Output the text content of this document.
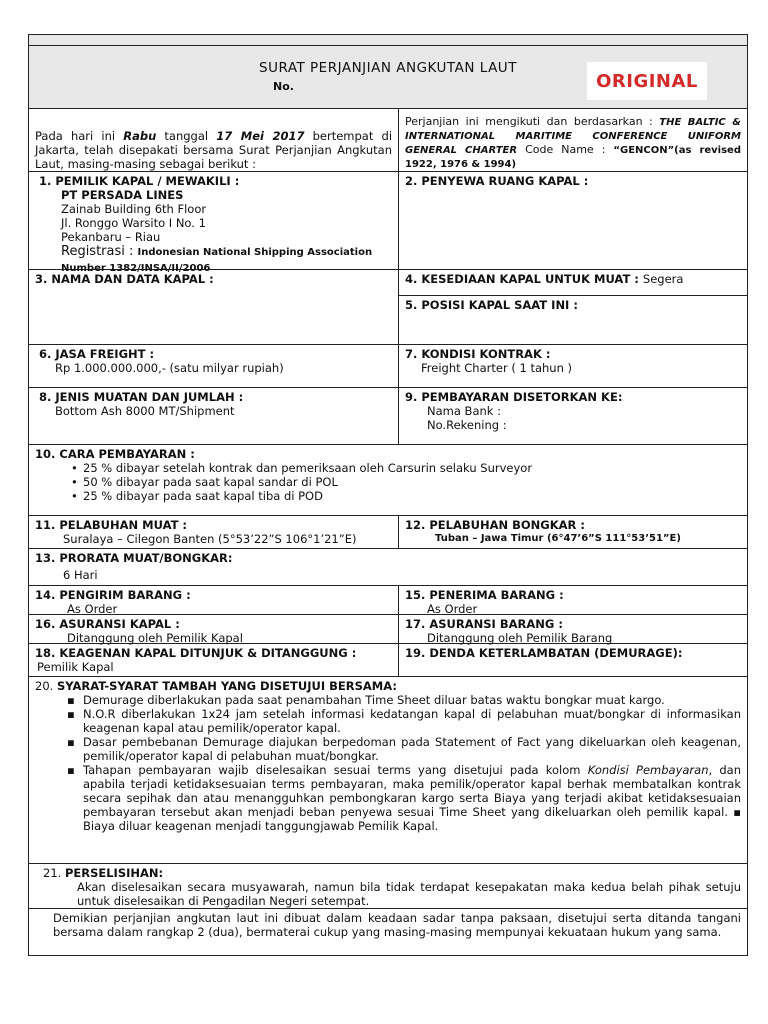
SURAT PERJANJIAN ANGKUTAN LAUT
No.	ORIGINAL
Pada hari ini Rabu tanggal 17 Mei 2017 bertempat di Jakarta, telah disepakati bersama Surat Perjanjian Angkutan Laut, masing-masing sebagai berikut :
Perjanjian ini mengikuti dan berdasarkan : THE BALTIC & INTERNATIONAL MARITIME CONFERENCE UNIFORM GENERAL CHARTER Code Name : “GENCON”(as revised 1922, 1976 & 1994)
1. PEMILIK KAPAL / MEWAKILI :
PT PERSADA LINES
Zainab Building 6th Floor
Jl. Ronggo Warsito I No. 1
Pekanbaru – Riau
Registrasi : Indonesian National Shipping Association Number 1382/INSA/II/2006
2. PENYEWA RUANG KAPAL :
3. NAMA DAN DATA KAPAL :	4. KESEDIAAN KAPAL UNTUK MUAT : Segera
5. POSISI KAPAL SAAT INI :
6. JASA FREIGHT :
Rp 1.000.000.000,- (satu milyar rupiah)
7. KONDISI KONTRAK :
Freight Charter ( 1 tahun )
8. JENIS MUATAN DAN JUMLAH :
Bottom Ash 8000 MT/Shipment
9. PEMBAYARAN DISETORKAN KE:
Nama Bank :
No.Rekening :
10. CARA PEMBAYARAN :
• 25 % dibayar setelah kontrak dan pemeriksaan oleh Carsurin selaku Surveyor
• 50 % dibayar pada saat kapal sandar di POL
• 25 % dibayar pada saat kapal tiba di POD
11. PELABUHAN MUAT :
Suralaya – Cilegon Banten (5°53’22”S 106°1’21”E)
12. PELABUHAN BONGKAR :
Tuban – Jawa Timur (6°47’6”S 111°53’51”E)
13. PRORATA MUAT/BONGKAR:
6 Hari
14. PENGIRIM BARANG :
As Order
15. PENERIMA BARANG :
As Order
16. ASURANSI KAPAL :
Ditanggung oleh Pemilik Kapal
17. ASURANSI BARANG :
Ditanggung oleh Pemilik Barang
18. KEAGENAN KAPAL DITUNJUK & DITANGGUNG :
Pemilik Kapal
19. DENDA KETERLAMBATAN (DEMURAGE):
20. SYARAT-SYARAT TAMBAH YANG DISETUJUI BERSAMA:
▪ Demurage diberlakukan pada saat penambahan Time Sheet diluar batas waktu bongkar muat kargo.
▪ N.O.R diberlakukan 1x24 jam setelah informasi kedatangan kapal di pelabuhan muat/bongkar di informasikan keagenan kapal atau pemilik/operator kapal.
▪ Dasar pembebanan Demurage diajukan berpedoman pada Statement of Fact yang dikeluarkan oleh keagenan, pemilik/operator kapal di pelabuhan muat/bongkar.
▪ Tahapan pembayaran wajib diselesaikan sesuai terms yang disetujui pada kolom Kondisi Pembayaran, dan apabila terjadi ketidaksesuaian terms pembayaran, maka pemilik/operator kapal berhak membatalkan kontrak secara sepihak dan atau menangguhkan pembongkaran kargo serta Biaya yang terjadi akibat ketidaksesuaian pembayaran tersebut akan menjadi beban penyewa sesuai Time Sheet yang dikeluarkan oleh pemilik kapal. ▪ Biaya diluar keagenan menjadi tanggungjawab Pemilik Kapal.
21. PERSELISIHAN:
Akan diselesaikan secara musyawarah, namun bila tidak terdapat kesepakatan maka kedua belah pihak setuju untuk diselesaikan di Pengadilan Negeri setempat.
Demikian perjanjian angkutan laut ini dibuat dalam keadaan sadar tanpa paksaan, disetujui serta ditanda tangani bersama dalam rangkap 2 (dua), bermaterai cukup yang masing-masing mempunyai kekuataan hukum yang sama.
